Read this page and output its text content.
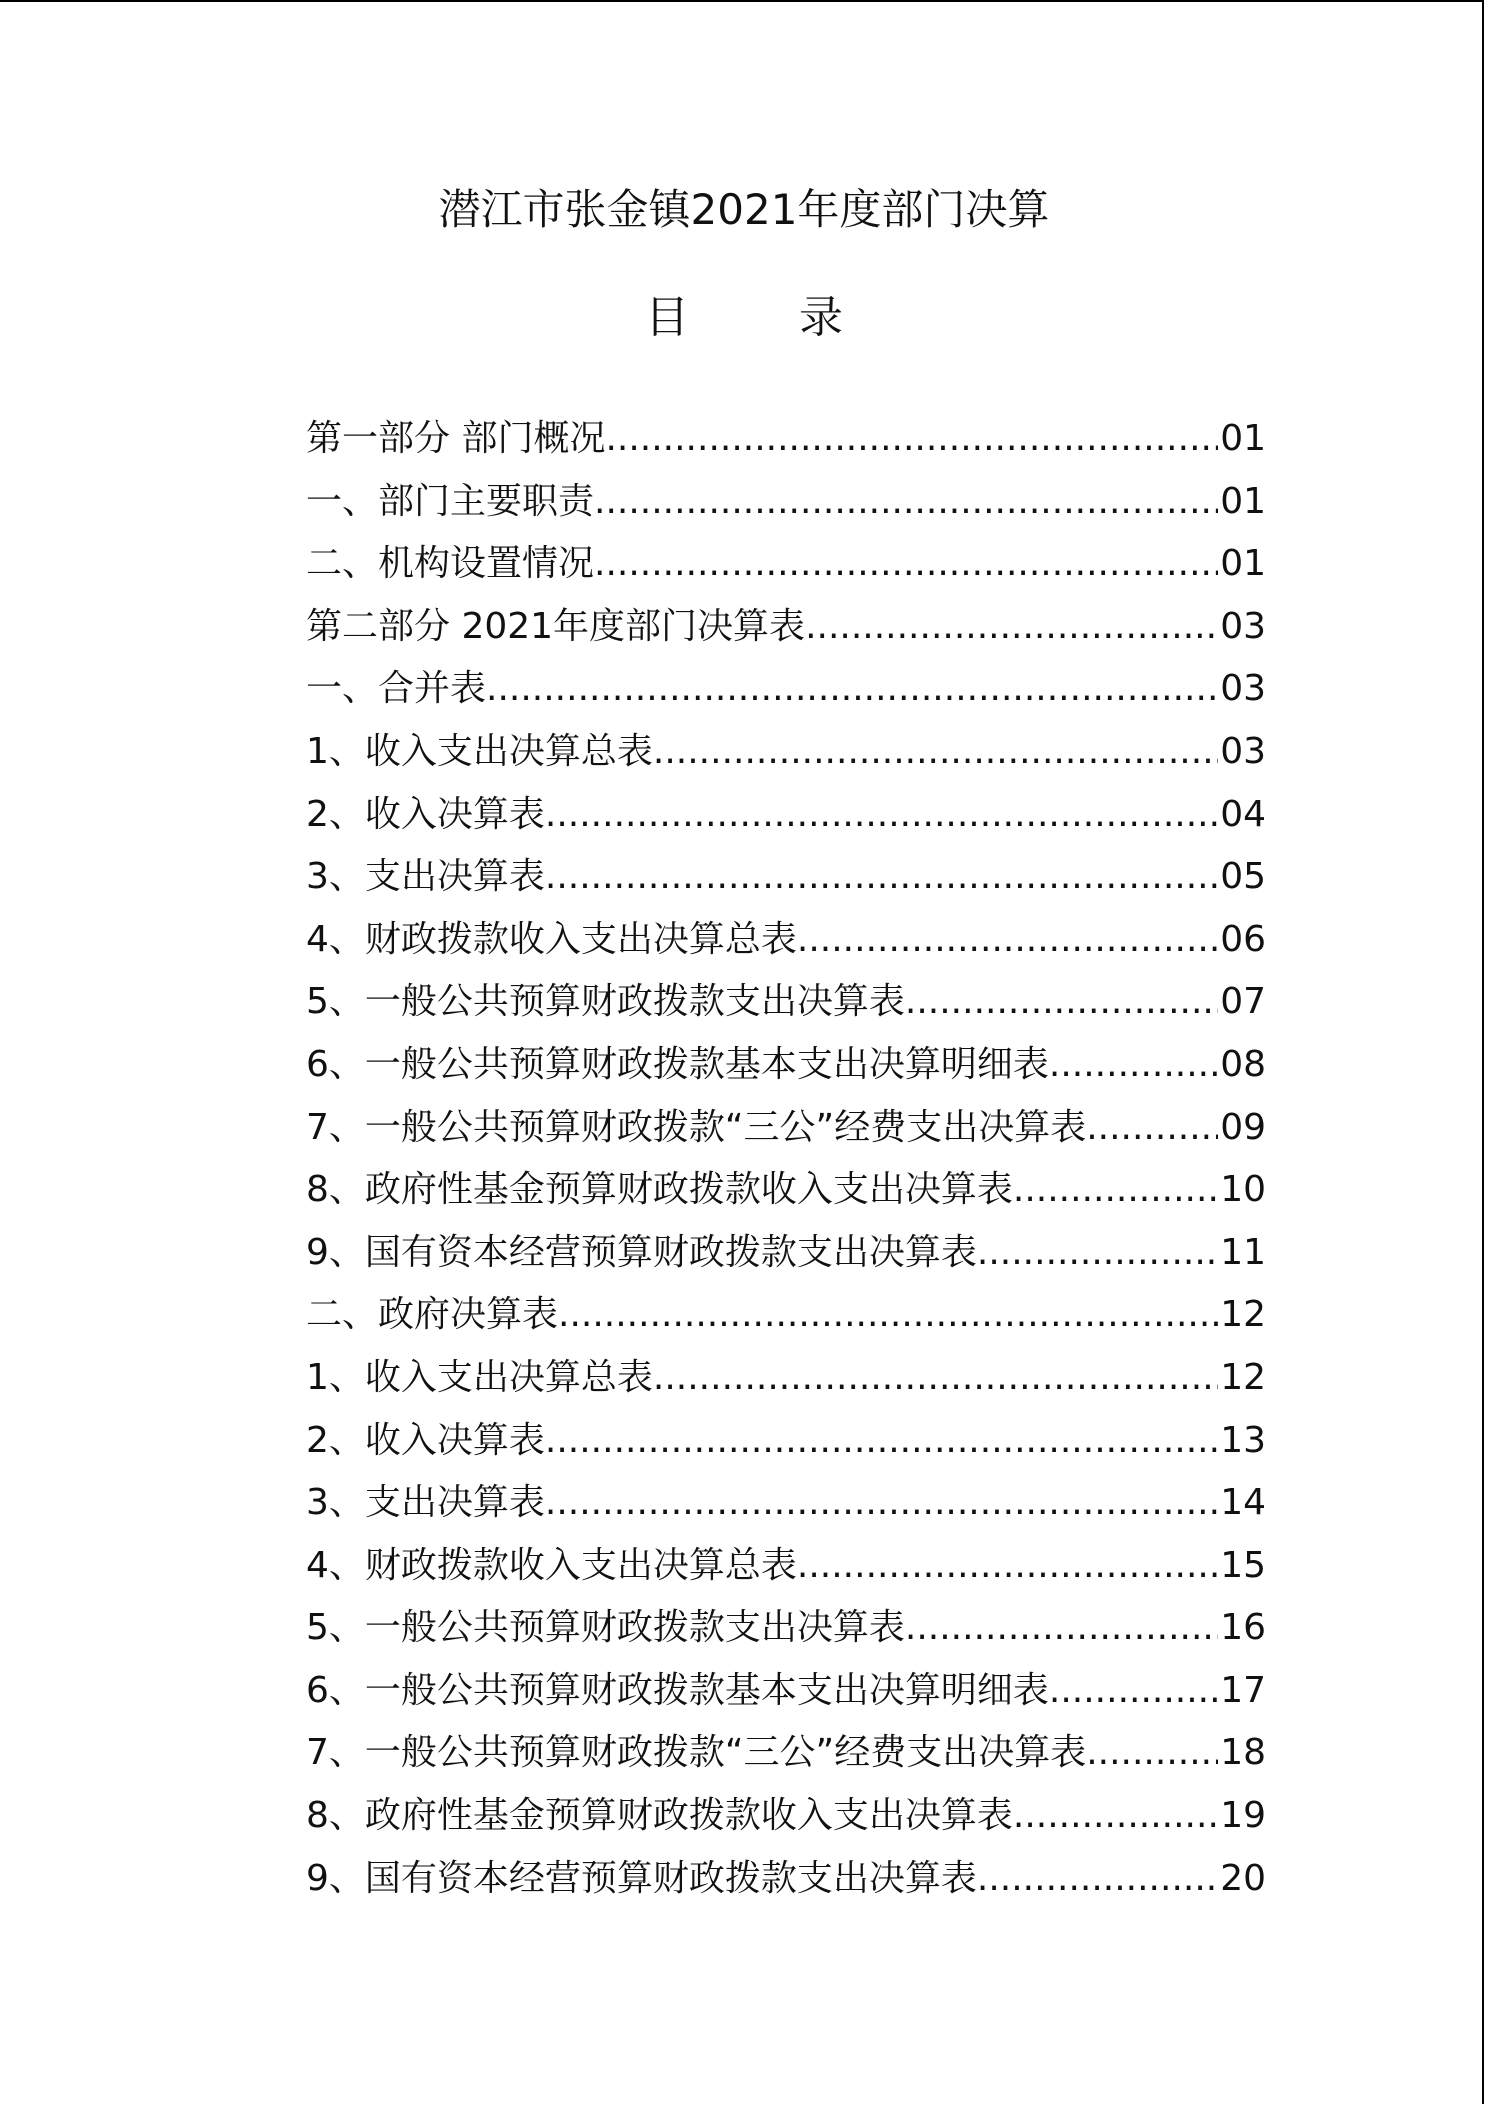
潜江市张金镇2021年度部门决算
目	录
第一部分 部门概况 .....	01
一、部门主要职责 .....	01
二、机构设置情况 .....	01
第二部分 2021年度部门决算表 .....	03
一、合并表 .....	03
1、收入支出决算总表 .....	03
2、收入决算表 .....	04
3、支出决算表 .....	05
4、财政拨款收入支出决算总表 .....	06
5、一般公共预算财政拨款支出决算表 .....	07
6、一般公共预算财政拨款基本支出决算明细表 .....	08
7、一般公共预算财政拨款“三公”经费支出决算表 .....	09
8、政府性基金预算财政拨款收入支出决算表 .....	10
9、国有资本经营预算财政拨款支出决算表 .....	11
二、政府决算表 .....	12
1、收入支出决算总表 .....	12
2、收入决算表 .....	13
3、支出决算表 .....	14
4、财政拨款收入支出决算总表 .....	15
5、一般公共预算财政拨款支出决算表 .....	16
6、一般公共预算财政拨款基本支出决算明细表 .....	17
7、一般公共预算财政拨款“三公”经费支出决算表 .....	18
8、政府性基金预算财政拨款收入支出决算表 .....	19
9、国有资本经营预算财政拨款支出决算表 .....	20
